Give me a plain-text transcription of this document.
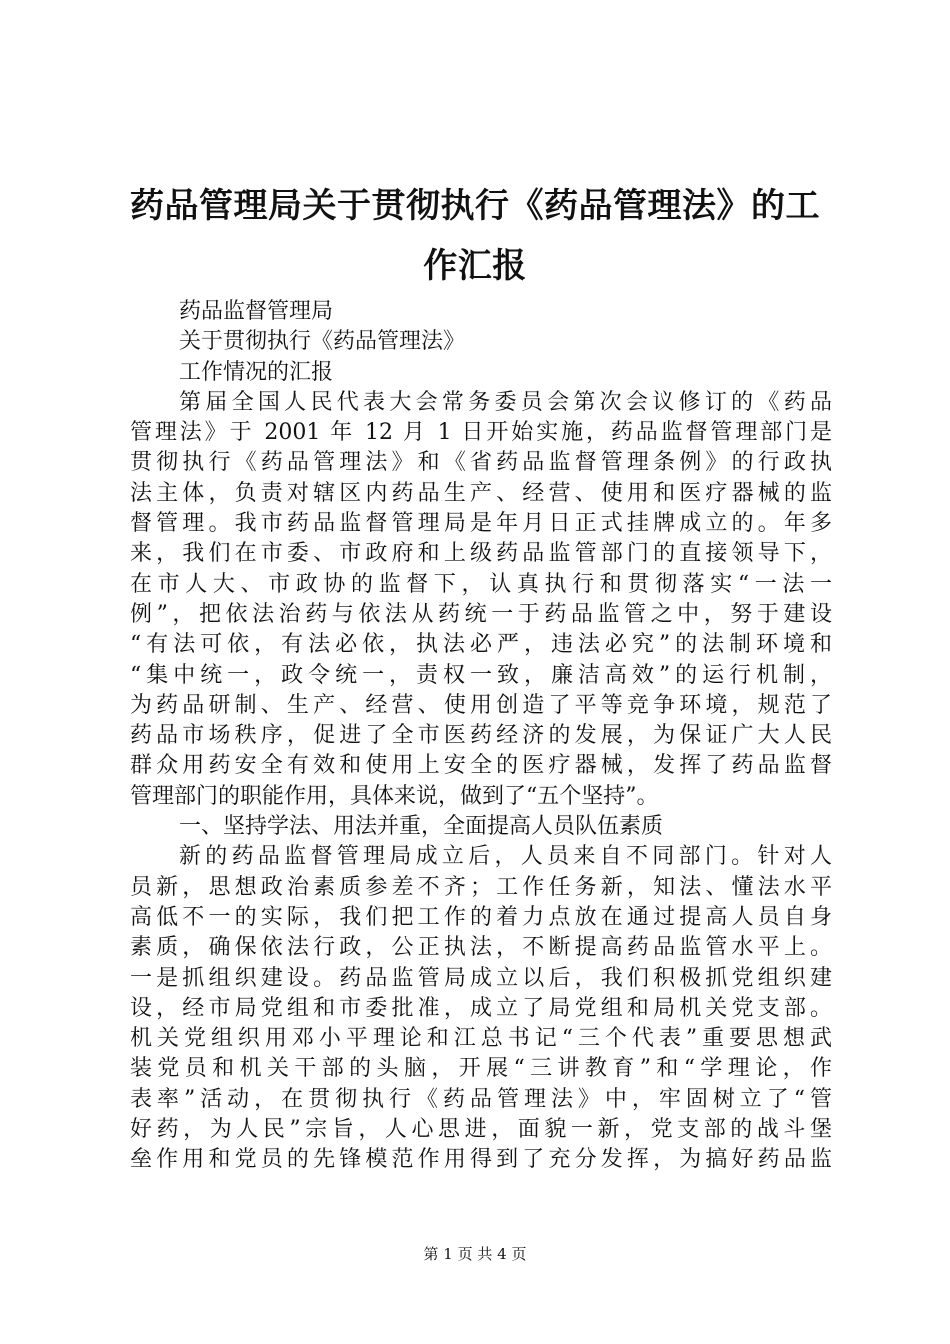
药品管理局关于贯彻执行《药品管理法》的工
作汇报
药品监督管理局
关于贯彻执行《药品管理法》
工作情况的汇报
第届全国人民代表大会常务委员会第次会议修订的《药品
管理法》于 2001 年 12 月 1 日开始实施，药品监督管理部门是
贯彻执行《药品管理法》和《省药品监督管理条例》的行政执
法主体，负责对辖区内药品生产、经营、使用和医疗器械的监
督管理。我市药品监督管理局是年月日正式挂牌成立的。年多
来，我们在市委、市政府和上级药品监管部门的直接领导下，
在市人大、市政协的监督下，认真执行和贯彻落实“一法一
例”，把依法治药与依法从药统一于药品监管之中，努于建设
“有法可依，有法必依，执法必严，违法必究”的法制环境和
“集中统一，政令统一，责权一致，廉洁高效”的运行机制，
为药品研制、生产、经营、使用创造了平等竞争环境，规范了
药品市场秩序，促进了全市医药经济的发展，为保证广大人民
群众用药安全有效和使用上安全的医疗器械，发挥了药品监督
管理部门的职能作用，具体来说，做到了“五个坚持”。
一、坚持学法、用法并重，全面提高人员队伍素质
新的药品监督管理局成立后，人员来自不同部门。针对人
员新，思想政治素质参差不齐；工作任务新，知法、懂法水平
高低不一的实际，我们把工作的着力点放在通过提高人员自身
素质，确保依法行政，公正执法，不断提高药品监管水平上。
一是抓组织建设。药品监管局成立以后，我们积极抓党组织建
设，经市局党组和市委批准，成立了局党组和局机关党支部。
机关党组织用邓小平理论和江总书记“三个代表”重要思想武
装党员和机关干部的头脑，开展“三讲教育”和“学理论，作
表率”活动，在贯彻执行《药品管理法》中，牢固树立了“管
好药，为人民”宗旨，人心思进，面貌一新，党支部的战斗堡
垒作用和党员的先锋模范作用得到了充分发挥，为搞好药品监
第 1 页 共 4 页
